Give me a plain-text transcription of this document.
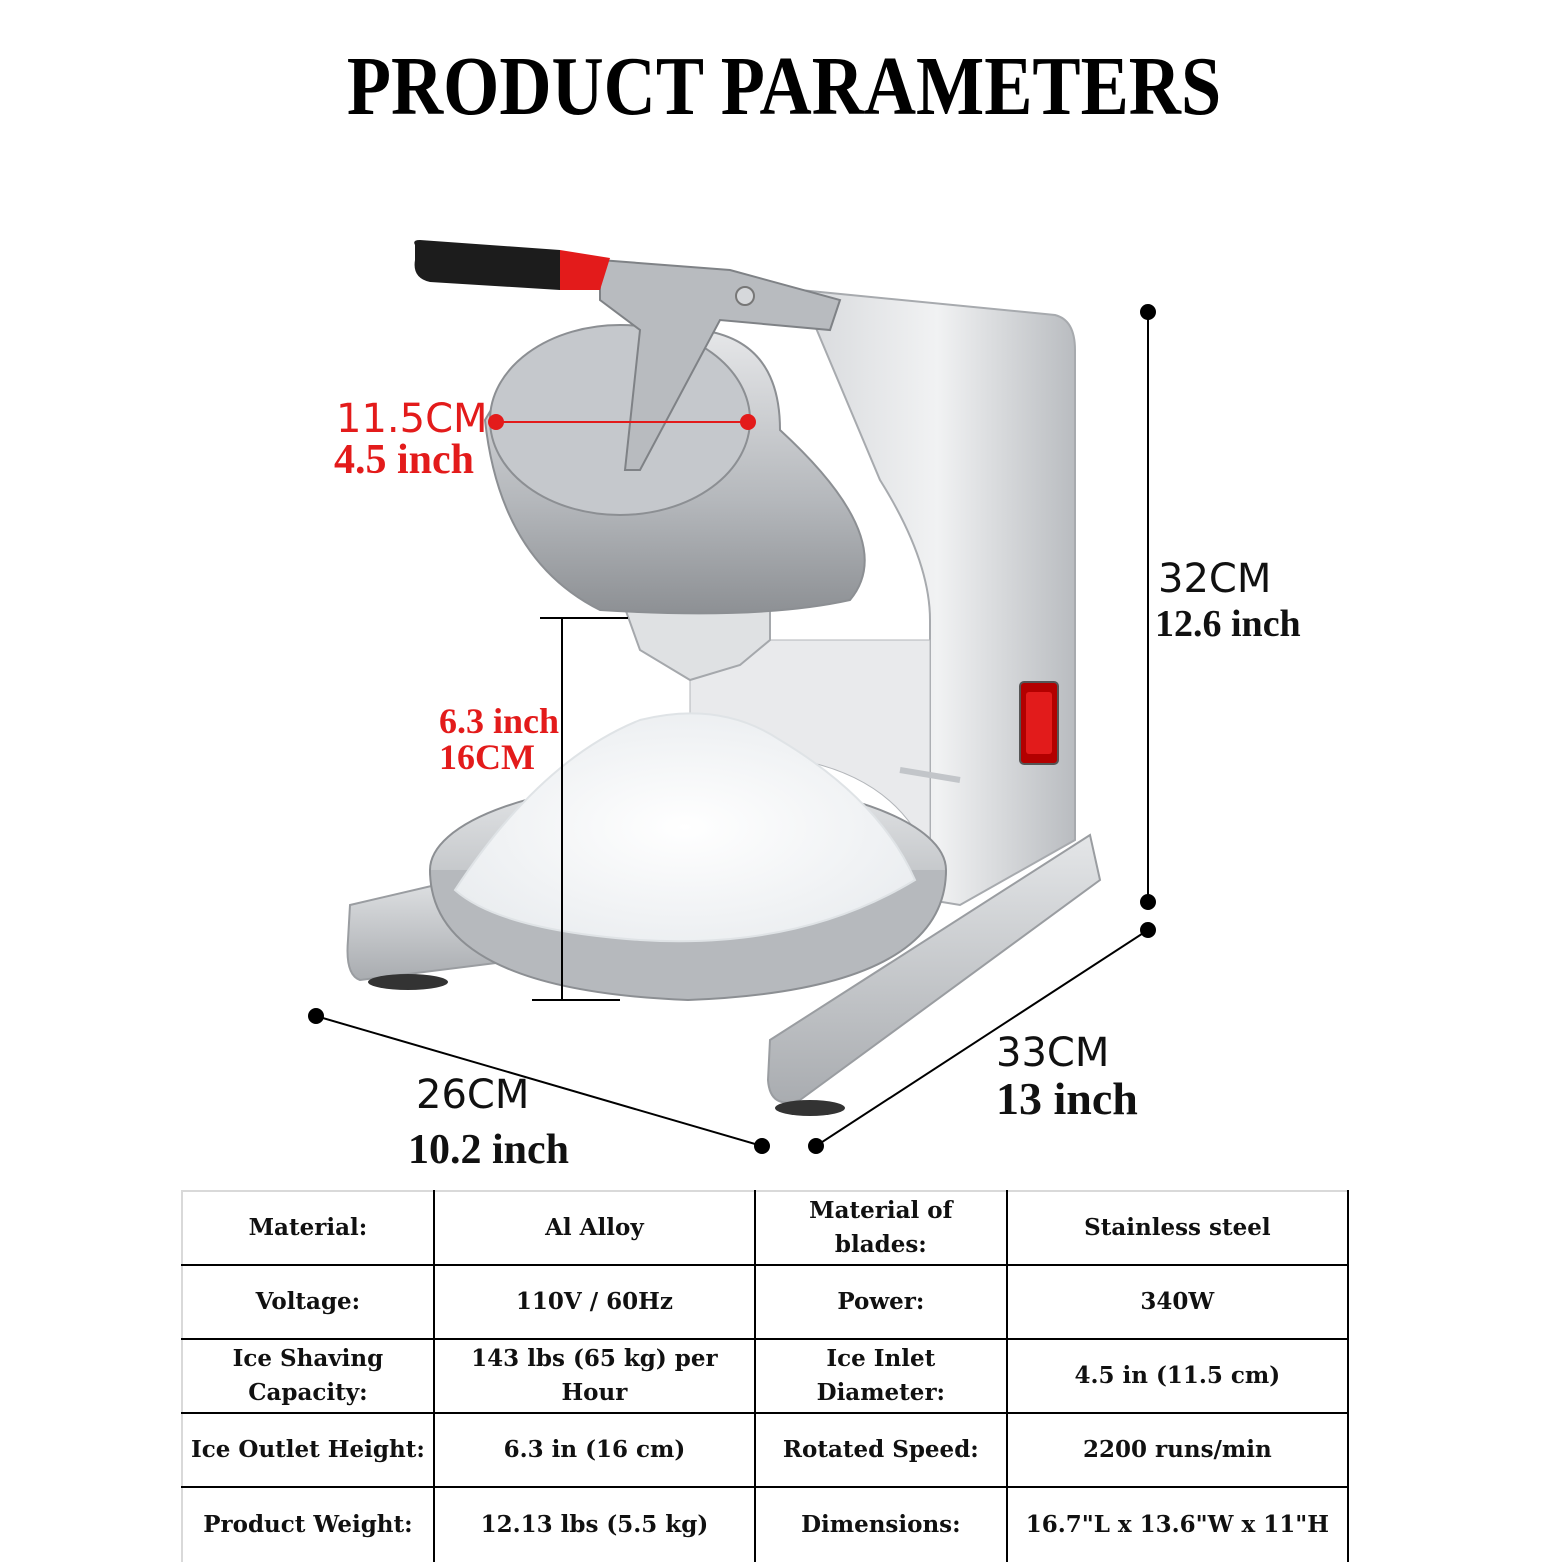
PRODUCT PARAMETERS
11.5CM
4.5 inch
6.3 inch
16CM
32CM
12.6 inch
33CM
13 inch
26CM
10.2 inch
Material:	Al Alloy	Material of blades:	Stainless steel
Voltage:	110V / 60Hz	Power:	340W
Ice Shaving Capacity:	143 lbs (65 kg) per Hour	Ice Inlet Diameter:	4.5 in (11.5 cm)
Ice Outlet Height:	6.3 in (16 cm)	Rotated Speed:	2200 runs/min
Product Weight:	12.13 lbs (5.5 kg)	Dimensions:	16.7"L x 13.6"W x 11"H
